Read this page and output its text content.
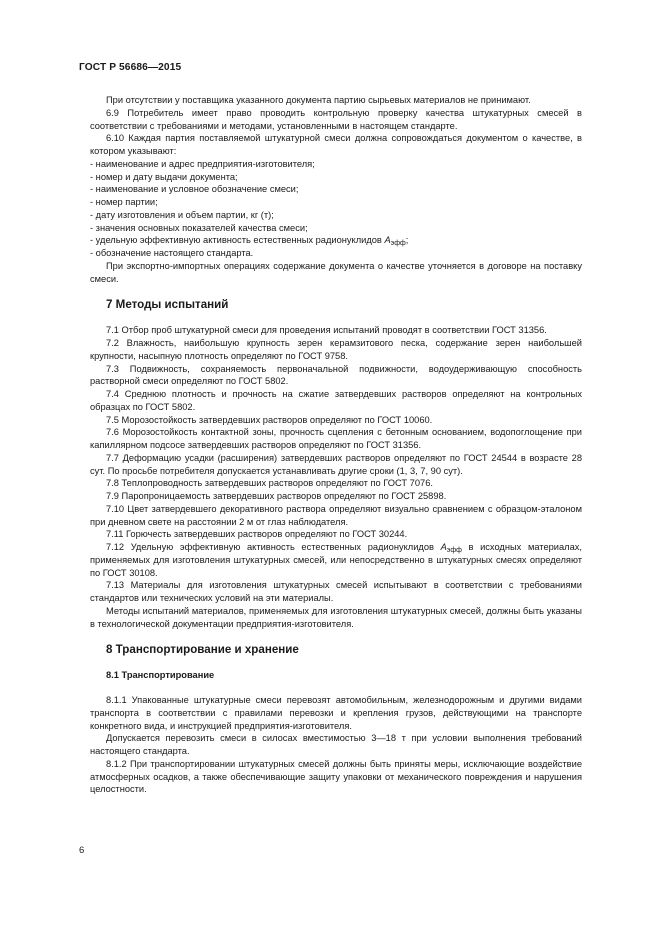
ГОСТ Р 56686—2015

При отсутствии у поставщика указанного документа партию сырьевых материалов не принимают.

6.9 Потребитель имеет право проводить контрольную проверку качества штукатурных смесей в соответствии с требованиями и методами, установленными в настоящем стандарте.

6.10 Каждая партия поставляемой штукатурной смеси должна сопровождаться документом о качестве, в котором указывают:

- наименование и адрес предприятия-изготовителя;

- номер и дату выдачи документа;

- наименование и условное обозначение смеси;

- номер партии;

- дату изготовления и объем партии, кг (т);

- значения основных показателей качества смеси;

- удельную эффективную активность естественных радионуклидов $A_{эфф}$;

- обозначение настоящего стандарта.

При экспортно-импортных операциях содержание документа о качестве уточняется в договоре на поставку смеси.

7 Методы испытаний

7.1 Отбор проб штукатурной смеси для проведения испытаний проводят в соответствии ГОСТ 31356.

7.2 Влажность, наибольшую крупность зерен керамзитового песка, содержание зерен наибольшей крупности, насыпную плотность определяют по ГОСТ 9758.

7.3 Подвижность, сохраняемость первоначальной подвижности, водоудерживающую способность растворной смеси определяют по ГОСТ 5802.

7.4 Среднюю плотность и прочность на сжатие затвердевших растворов определяют на контрольных образцах по ГОСТ 5802.

7.5 Морозостойкость затвердевших растворов определяют по ГОСТ 10060.

7.6 Морозостойкость контактной зоны, прочность сцепления с бетонным основанием, водопоглощение при капиллярном подсосе затвердевших растворов определяют по ГОСТ 31356.

7.7 Деформацию усадки (расширения) затвердевших растворов определяют по ГОСТ 24544 в возрасте 28 сут. По просьбе потребителя допускается устанавливать другие сроки (1, 3, 7, 90 сут).

7.8 Теплопроводность затвердевших растворов определяют по ГОСТ 7076.

7.9 Паропроницаемость затвердевших растворов определяют по ГОСТ 25898.

7.10 Цвет затвердевшего декоративного раствора определяют визуально сравнением с образцом-эталоном при дневном свете на расстоянии 2 м от глаз наблюдателя.

7.11 Горючесть затвердевших растворов определяют по ГОСТ 30244.

7.12 Удельную эффективную активность естественных радионуклидов $A_{эфф}$ в исходных материалах, применяемых для изготовления штукатурных смесей, или непосредственно в штукатурных смесях определяют по ГОСТ 30108.

7.13 Материалы для изготовления штукатурных смесей испытывают в соответствии с требованиями стандартов или технических условий на эти материалы.

Методы испытаний материалов, применяемых для изготовления штукатурных смесей, должны быть указаны в технологической документации предприятия-изготовителя.

8 Транспортирование и хранение

8.1 Транспортирование

8.1.1 Упакованные штукатурные смеси перевозят автомобильным, железнодорожным и другими видами транспорта в соответствии с правилами перевозки и крепления грузов, действующими на транспорте конкретного вида, и инструкцией предприятия-изготовителя.

Допускается перевозить смеси в силосах вместимостью 3—18 т при условии выполнения требований настоящего стандарта.

8.1.2 При транспортировании штукатурных смесей должны быть приняты меры, исключающие воздействие атмосферных осадков, а также обеспечивающие защиту упаковки от механического повреждения и нарушения целостности.

6
